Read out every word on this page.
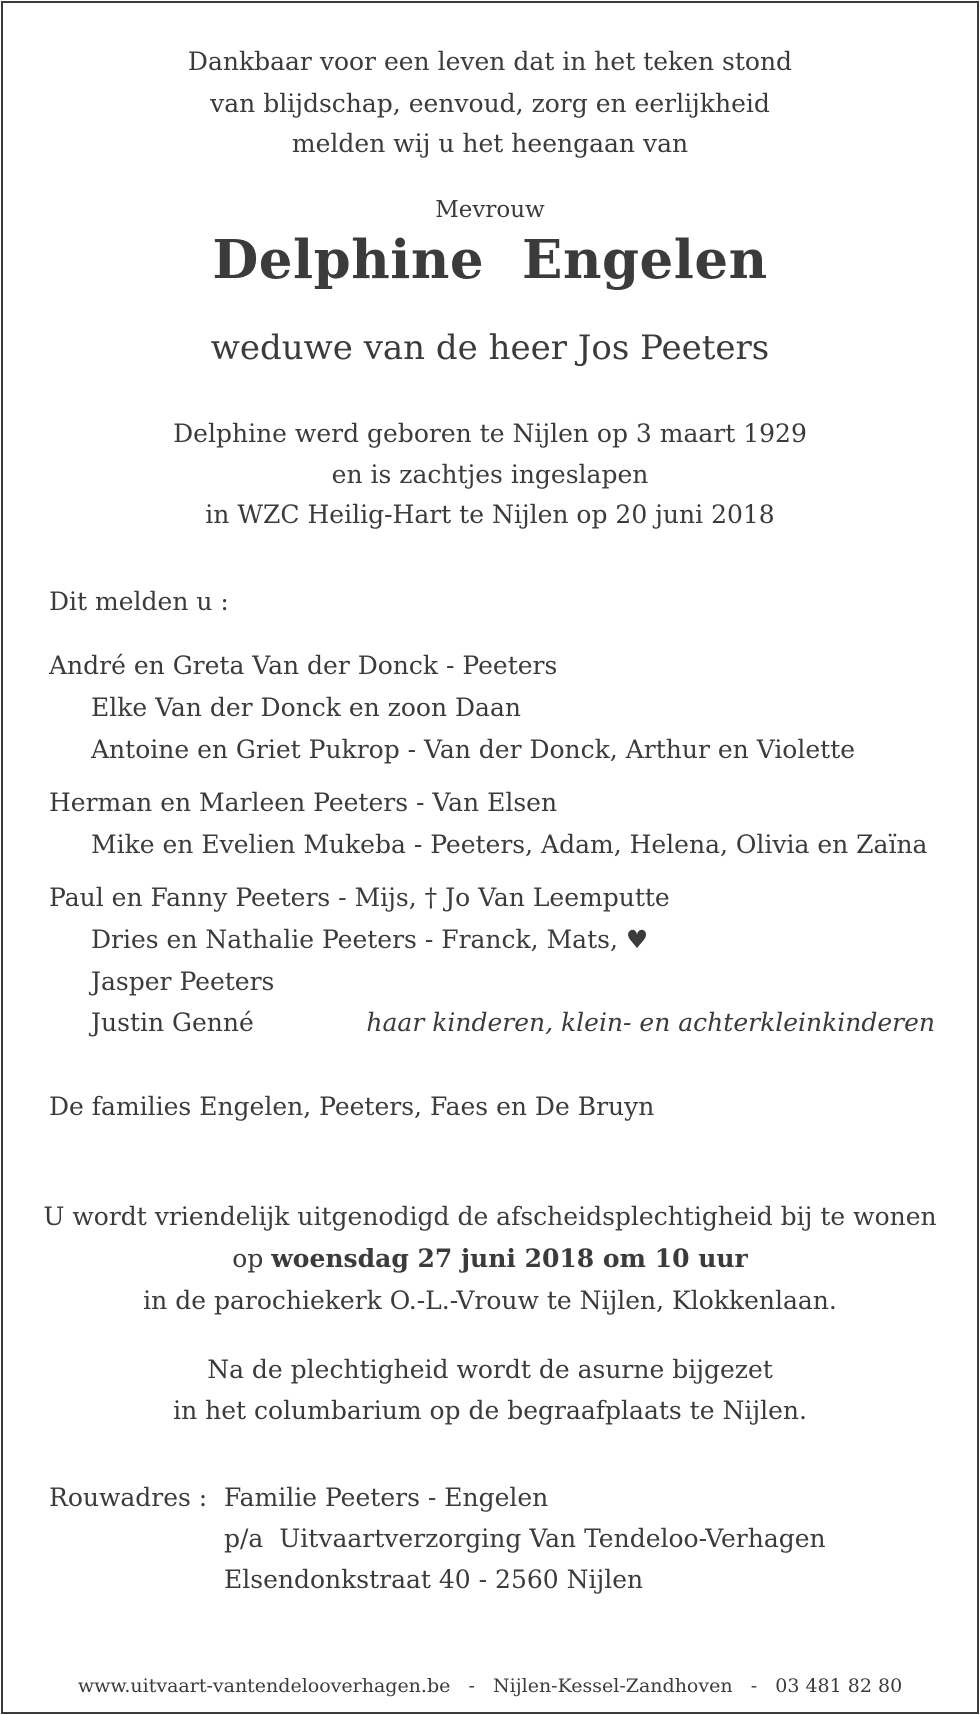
Dankbaar voor een leven dat in het teken stond
van blijdschap, eenvoud, zorg en eerlijkheid
melden wij u het heengaan van
Mevrouw
Delphine  Engelen
weduwe van de heer Jos Peeters
Delphine werd geboren te Nijlen op 3 maart 1929
en is zachtjes ingeslapen
in WZC Heilig-Hart te Nijlen op 20 juni 2018
Dit melden u :
André en Greta Van der Donck - Peeters
Elke Van der Donck en zoon Daan
Antoine en Griet Pukrop - Van der Donck, Arthur en Violette
Herman en Marleen Peeters - Van Elsen
Mike en Evelien Mukeba - Peeters, Adam, Helena, Olivia en Zaïna
Paul en Fanny Peeters - Mijs, † Jo Van Leemputte
Dries en Nathalie Peeters - Franck, Mats, ♥
Jasper Peeters
Justin Genné	haar kinderen, klein- en achterkleinkinderen
De families Engelen, Peeters, Faes en De Bruyn
U wordt vriendelijk uitgenodigd de afscheidsplechtigheid bij te wonen
op woensdag 27 juni 2018 om 10 uur
in de parochiekerk O.-L.-Vrouw te Nijlen, Klokkenlaan.
Na de plechtigheid wordt de asurne bijgezet
in het columbarium op de begraafplaats te Nijlen.
Rouwadres : Familie Peeters - Engelen
p/a  Uitvaartverzorging Van Tendeloo-Verhagen
Elsendonkstraat 40 - 2560 Nijlen
www.uitvaart-vantendelooverhagen.be   -   Nijlen-Kessel-Zandhoven   -   03 481 82 80
